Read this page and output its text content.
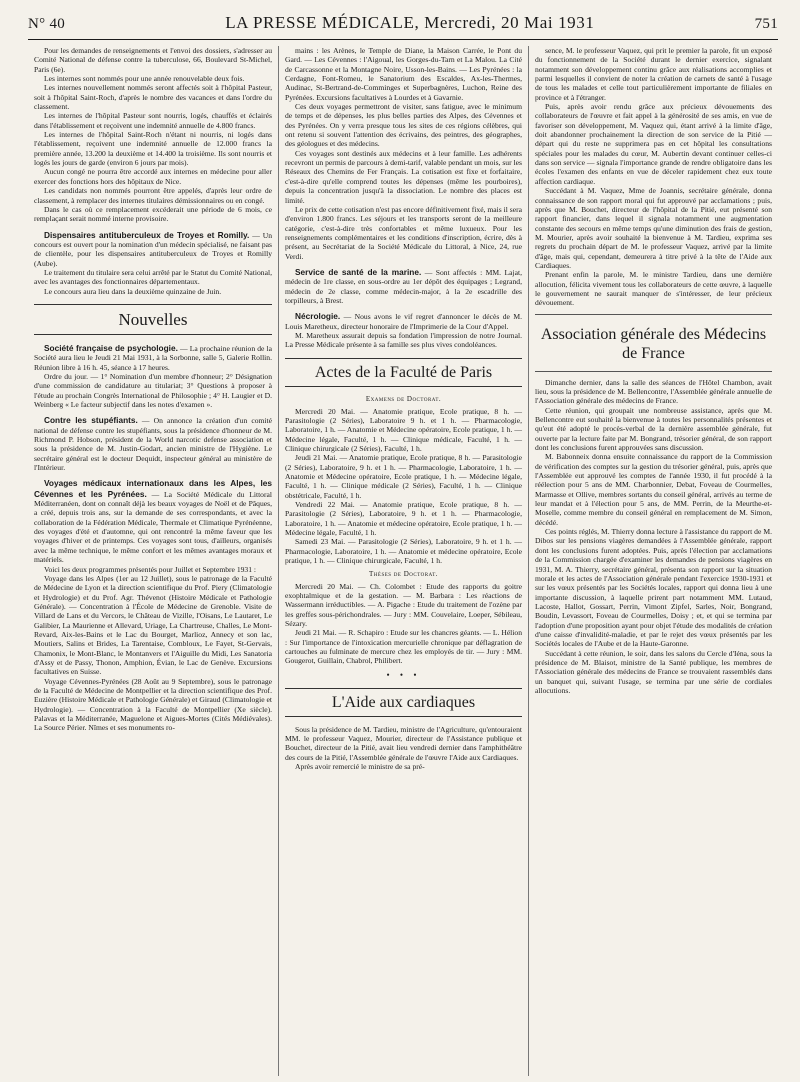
N° 40	LA PRESSE MÉDICALE, Mercredi, 20 Mai 1931	751

Pour les demandes de renseignements et l'envoi des dossiers, s'adresser au Comité National de défense contre la tuberculose, 66, Boulevard St-Michel, Paris (6e).

Les internes sont nommés pour une année renouvelable deux fois.

Les internes nouvellement nommés seront affectés soit à l'hôpital Pasteur, soit à l'hôpital Saint-Roch, d'après le nombre des vacances et dans l'ordre du classement.

Les internes de l'hôpital Pasteur sont nourris, logés, chauffés et éclairés dans l'établissement et reçoivent une indemnité annuelle de 4.800 francs.

Les internes de l'hôpital Saint-Roch n'étant ni nourris, ni logés dans l'établissement, reçoivent une indemnité annuelle de 12.000 francs la première année, 13.200 la deuxième et 14.400 la troisième. Ils sont nourris et logés les jours de garde (environ 6 jours par mois).

Aucun congé ne pourra être accordé aux internes en médecine pour aller exercer des fonctions hors des hôpitaux de Nice.

Les candidats non nommés pourront être appelés, d'après leur ordre de classement, à remplacer des internes titulaires démissionnaires ou en congé.

Dans le cas où ce remplacement excéderait une période de 6 mois, ce remplaçant serait nommé interne provisoire.

Dispensaires antituberculeux de Troyes et Romilly. — Un concours est ouvert pour la nomination d'un médecin spécialisé, ne faisant pas de clientèle, pour les dispensaires antituberculeux de Troyes et Romilly (Aube).

Le traitement du titulaire sera celui arrêté par le Statut du Comité National, avec les avantages des fonctionnaires départementaux.

Le concours aura lieu dans la deuxième quinzaine de Juin.

Nouvelles

Société française de psychologie. — La prochaine réunion de la Société aura lieu le Jeudi 21 Mai 1931, à la Sorbonne, salle 5, Galerie Rollin. Réunion libre à 16 h. 45, séance à 17 heures.

Ordre du jour. — 1° Nomination d'un membre d'honneur; 2° Désignation d'une commission de candidature au titulariat; 3° Questions à proposer à l'étude au prochain Congrès International de Philosophie ; 4° H. Laugier et D. Weinberg « Le facteur subjectif dans les notes d'examen ».

Contre les stupéfiants. — On annonce la création d'un comité national de défense contre les stupéfiants, sous la présidence d'honneur de M. Richmond P. Hobson, président de la World narcotic defense association et sous la présidence de M. Justin-Godart, ancien ministre de l'Hygiène. Le secrétaire général est le docteur Dequidt, inspecteur général au ministère de l'Intérieur.

Voyages médicaux internationaux dans les Alpes, les Cévennes et les Pyrénées. — La Société Médicale du Littoral Méditerranéen, dont on connaît déjà les beaux voyages de Noël et de Pâques, a créé, depuis trois ans, sur la demande de ses correspondants, et avec la collaboration de la Fédération Médicale, Thermale et Climatique Pyrénéenne, des voyages d'été et d'automne, qui ont rencontré la même faveur que les voyages d'hiver et de printemps. Ces voyages sont tous, d'ailleurs, organisés avec la même technique, le même confort et les mêmes avantages moraux et matériels.

Voici les deux programmes présentés pour Juillet et Septembre 1931 :

Voyage dans les Alpes (1er au 12 Juillet), sous le patronage de la Faculté de Médecine de Lyon et la direction scientifique du Prof. Piery (Climatologie et Hydrologie) et du Prof. Agr. Thévenot (Histoire Médicale et Pathologie Générale). — Concentration à l'École de Médecine de Grenoble. Visite de Villard de Lans et du Vercors, le Château de Vizille, l'Oisans, Le Lautaret, Le Galibier, La Maurienne et Allevard, Uriage, La Chartreuse, Challes, Le Mont-Revard, Aix-les-Bains et le Lac du Bourget, Marlioz, Annecy et son lac, Moutiers, Salins et Brides, La Tarentaise, Combloux, Le Fayet, St-Gervais, Chamonix, le Mont-Blanc, le Montanvers et l'Aiguille du Midi, Les Sanatoria d'Assy et de Passy, Thonon, Amphion, Évian, le Lac de Genève. Excursions facultatives en Suisse.

Voyage Cévennes-Pyrénées (28 Août au 9 Septembre), sous le patronage de la Faculté de Médecine de Montpellier et la direction scientifique des Prof. Euzière (Histoire Médicale et Pathologie Générale) et Giraud (Climatologie et Hydrologie). — Concentration à la Faculté de Montpellier (Xe siècle). Palavas et la Méditerranée, Maguelone et Aigues-Mortes (Cités Médiévales). La Source Périer. Nîmes et ses monuments ro-

mains : les Arènes, le Temple de Diane, la Maison Carrée, le Pont du Gard. — Les Cévennes : l'Aigoual, les Gorges-du-Tarn et La Malou. La Cité de Carcassonne et la Montagne Noire, Usson-les-Bains. — Les Pyrénées : la Cerdagne, Font-Romeu, le Sanatorium des Escaldes, Ax-les-Thermes, Audinac, St-Bertrand-de-Comminges et Superbagnères, Luchon, Reine des Pyrénées. Excursions facultatives à Lourdes et à Gavarnie.

Ces deux voyages permettront de visiter, sans fatigue, avec le minimum de temps et de dépenses, les plus belles parties des Alpes, des Cévennes et des Pyrénées. On y verra presque tous les sites de ces régions célèbres, qui ont retenu si souvent l'attention des écrivains, des peintres, des géographes, des géologues et des médecins.

Ces voyages sont destinés aux médecins et à leur famille. Les adhérents recevront un permis de parcours à demi-tarif, valable pendant un mois, sur les Réseaux des Chemins de Fer Français. La cotisation est fixe et forfaitaire, c'est-à-dire qu'elle comprend toutes les dépenses (même les pourboires), depuis la concentration jusqu'à la dissociation. Le nombre des places est limité.

Le prix de cette cotisation n'est pas encore définitivement fixé, mais il sera d'environ 1.800 francs. Les séjours et les transports seront de la meilleure catégorie, c'est-à-dire très confortables et même luxueux. Pour les renseignements complémentaires et les conditions d'inscription, écrire, dès à présent, au Secrétariat de la Société Médicale du Littoral, à Nice, 24, rue Verdi.

Service de santé de la marine. — Sont affectés : MM. Lajat, médecin de 1re classe, en sous-ordre au 1er dépôt des équipages ; Legrand, médecin de 2e classe, comme médecin-major, à la 2e escadrille des torpilleurs, à Brest.

Nécrologie. — Nous avons le vif regret d'annoncer le décès de M. Louis Maretheux, directeur honoraire de l'Imprimerie de la Cour d'Appel.

M. Maretheux assurait depuis sa fondation l'impression de notre Journal. La Presse Médicale présente à sa famille ses plus vives condoléances.

Actes de la Faculté de Paris
Examens de Doctorat.

Mercredi 20 Mai. — Anatomie pratique, Ecole pratique, 8 h. — Parasitologie (2 Séries), Laboratoire 9 h. et 1 h. — Pharmacologie, Laboratoire, 1 h. — Anatomie et Médecine opératoire, Ecole pratique, 1 h. — Médecine légale, Faculté, 1 h. — Clinique médicale, Faculté, 1 h. — Clinique chirurgicale (2 Séries), Faculté, 1 h.

Jeudi 21 Mai. — Anatomie pratique, Ecole pratique, 8 h. — Parasitologie (2 Séries), Laboratoire, 9 h. et 1 h. — Pharmacologie, Laboratoire, 1 h. — Anatomie et Médecine opératoire, Ecole pratique, 1 h. — Médecine légale, Faculté, 1 h. — Clinique médicale (2 Séries), Faculté, 1 h. — Clinique obstétricale, Faculté, 1 h.

Vendredi 22 Mai. — Anatomie pratique, Ecole pratique, 8 h. — Parasitologie (2 Séries), Laboratoire, 9 h. et 1 h. — Pharmacologie, Laboratoire, 1 h. — Anatomie et médecine opératoire, Ecole pratique, 1 h. — Médecine légale, Faculté, 1 h.

Samedi 23 Mai. — Parasitologie (2 Séries), Laboratoire, 9 h. et 1 h. — Pharmacologie, Laboratoire, 1 h. — Anatomie et médecine opératoire, Ecole pratique, 1 h. — Clinique chirurgicale, Faculté, 1 h.

Thèses de Doctorat.

Mercredi 20 Mai. — Ch. Colombet : Etude des rapports du goitre exophtalmique et de la gestation. — M. Barbara : Les réactions de Wassermann irréductibles. — A. Pigache : Etude du traitement de l'ozène par les greffes sous-périchondrales. — Jury : MM. Couvelaire, Loeper, Sébileau, Sézary.

Jeudi 21 Mai. — R. Schapiro : Etude sur les chancres géants. — L. Hélion : Sur l'importance de l'intoxication mercurielle chronique par déflagration de cartouches au fulminate de mercure chez les employés de tir. — Jury : MM. Gougerot, Guillain, Chabrol, Philibert.

• • •
L'Aide aux cardiaques

Sous la présidence de M. Tardieu, ministre de l'Agriculture, qu'entouraient MM. le professeur Vaquez, Mourier, directeur de l'Assistance publique et Bouchet, directeur de la Pitié, avait lieu vendredi dernier dans l'amphithéâtre des cours de la Pitié, l'Assemblée générale de l'œuvre l'Aide aux Cardiaques.

Après avoir remercié le ministre de sa pré-

sence, M. le professeur Vaquez, qui prit le premier la parole, fit un exposé du fonctionnement de la Société durant le dernier exercice, signalant notamment son développement continu grâce aux réalisations accomplies et parmi lesquelles il convient de noter la création de carnets de santé à l'usage de tous les malades et celle tout particulièrement importante de filiales en province et à l'étranger.

Puis, après avoir rendu grâce aux précieux dévouements des collaborateurs de l'œuvre et fait appel à la générosité de ses amis, en vue de favoriser son développement, M. Vaquez qui, étant arrivé à la limite d'âge, doit abandonner prochainement la direction de son service de la Pitié — départ qui du reste ne supprimera pas en cet hôpital les consultations spéciales pour les malades du cœur, M. Aubertin devant continuer celles-ci dans son service — signala l'importance grande de rendre obligatoire dans les écoles l'examen des enfants en vue de déceler rapidement chez eux toute affection cardiaque.

Succédant à M. Vaquez, Mme de Joannis, secrétaire générale, donna connaissance de son rapport moral qui fut approuvé par acclamations ; puis, après que M. Bouchet, directeur de l'hôpital de la Pitié, eut présenté son rapport financier, dans lequel il signala notamment une augmentation constante des secours en même temps qu'une diminution des frais de gestion, M. Mourier, après avoir souhaité la bienvenue à M. Tardieu, exprima ses regrets du prochain départ de M. le professeur Vaquez, arrivé par la limite d'âge, mais qui, cependant, demeurera à titre privé à la tête de l'Aide aux Cardiaques.

Prenant enfin la parole, M. le ministre Tardieu, dans une dernière allocution, félicita vivement tous les collaborateurs de cette œuvre, à laquelle le gouvernement ne saurait manquer de s'intéresser, de leur précieux dévouement.

Association générale des Médecins de France

Dimanche dernier, dans la salle des séances de l'Hôtel Chambon, avait lieu, sous la présidence de M. Bellencontre, l'Assemblée générale annuelle de l'Association générale des médecins de France.

Cette réunion, qui groupait une nombreuse assistance, après que M. Bellencontre eut souhaité la bienvenue à toutes les personnalités présentes et qu'eut été adopté le procès-verbal de la dernière assemblée générale, fut ouverte par la lecture faite par M. Bongrand, trésorier général, de son rapport dont les conclusions furent approuvées sans discussion.

M. Babonneix donna ensuite connaissance du rapport de la Commission de vérification des comptes sur la gestion du trésorier général, puis, après que l'Assemblée eut approuvé les comptes de l'année 1930, il fut procédé à la réélection pour 5 ans de MM. Charbonnier, Debat, Foveau de Courmelles, Marmasse et Ollive, membres sortants du conseil général, arrivés au terme de leur mandat et à l'élection pour 5 ans, de MM. Perrin, de la Meurthe-et-Moselle, comme membre du conseil général en remplacement de M. Simon, décédé.

Ces points réglés, M. Thierry donna lecture à l'assistance du rapport de M. Dibos sur les pensions viagères demandées à l'Assemblée générale, rapport dont les conclusions furent adoptées. Puis, après l'élection par acclamations de la Commission chargée d'examiner les demandes de pensions viagères en 1931, M. A. Thierry, secrétaire général, présenta son rapport sur la situation morale et les actes de l'Association générale pendant l'exercice 1930-1931 et sur les vœux présentés par les Sociétés locales, rapport qui donna lieu à une importante discussion, à laquelle prirent part notamment MM. Lutaud, Lacoste, Hallot, Gossart, Perrin, Vimont Zipfel, Sarles, Noir, Bongrand, Boudin, Levassort, Foveau de Courmelles, Doisy ; et, et qui se termina par l'adoption d'une proposition ayant pour objet l'étude des modalités de création d'une caisse d'invalidité-maladie, et par le rejet des vœux présentés par les Sociétés locales de l'Aube et de la Haute-Garonne.

Succédant à cette réunion, le soir, dans les salons du Cercle d'Iéna, sous la présidence de M. Blaisot, ministre de la Santé publique, les membres de l'Association générale des médecins de France se trouvaient rassemblés dans un banquet qui, suivant l'usage, se termina par une série de cordiales allocutions.
